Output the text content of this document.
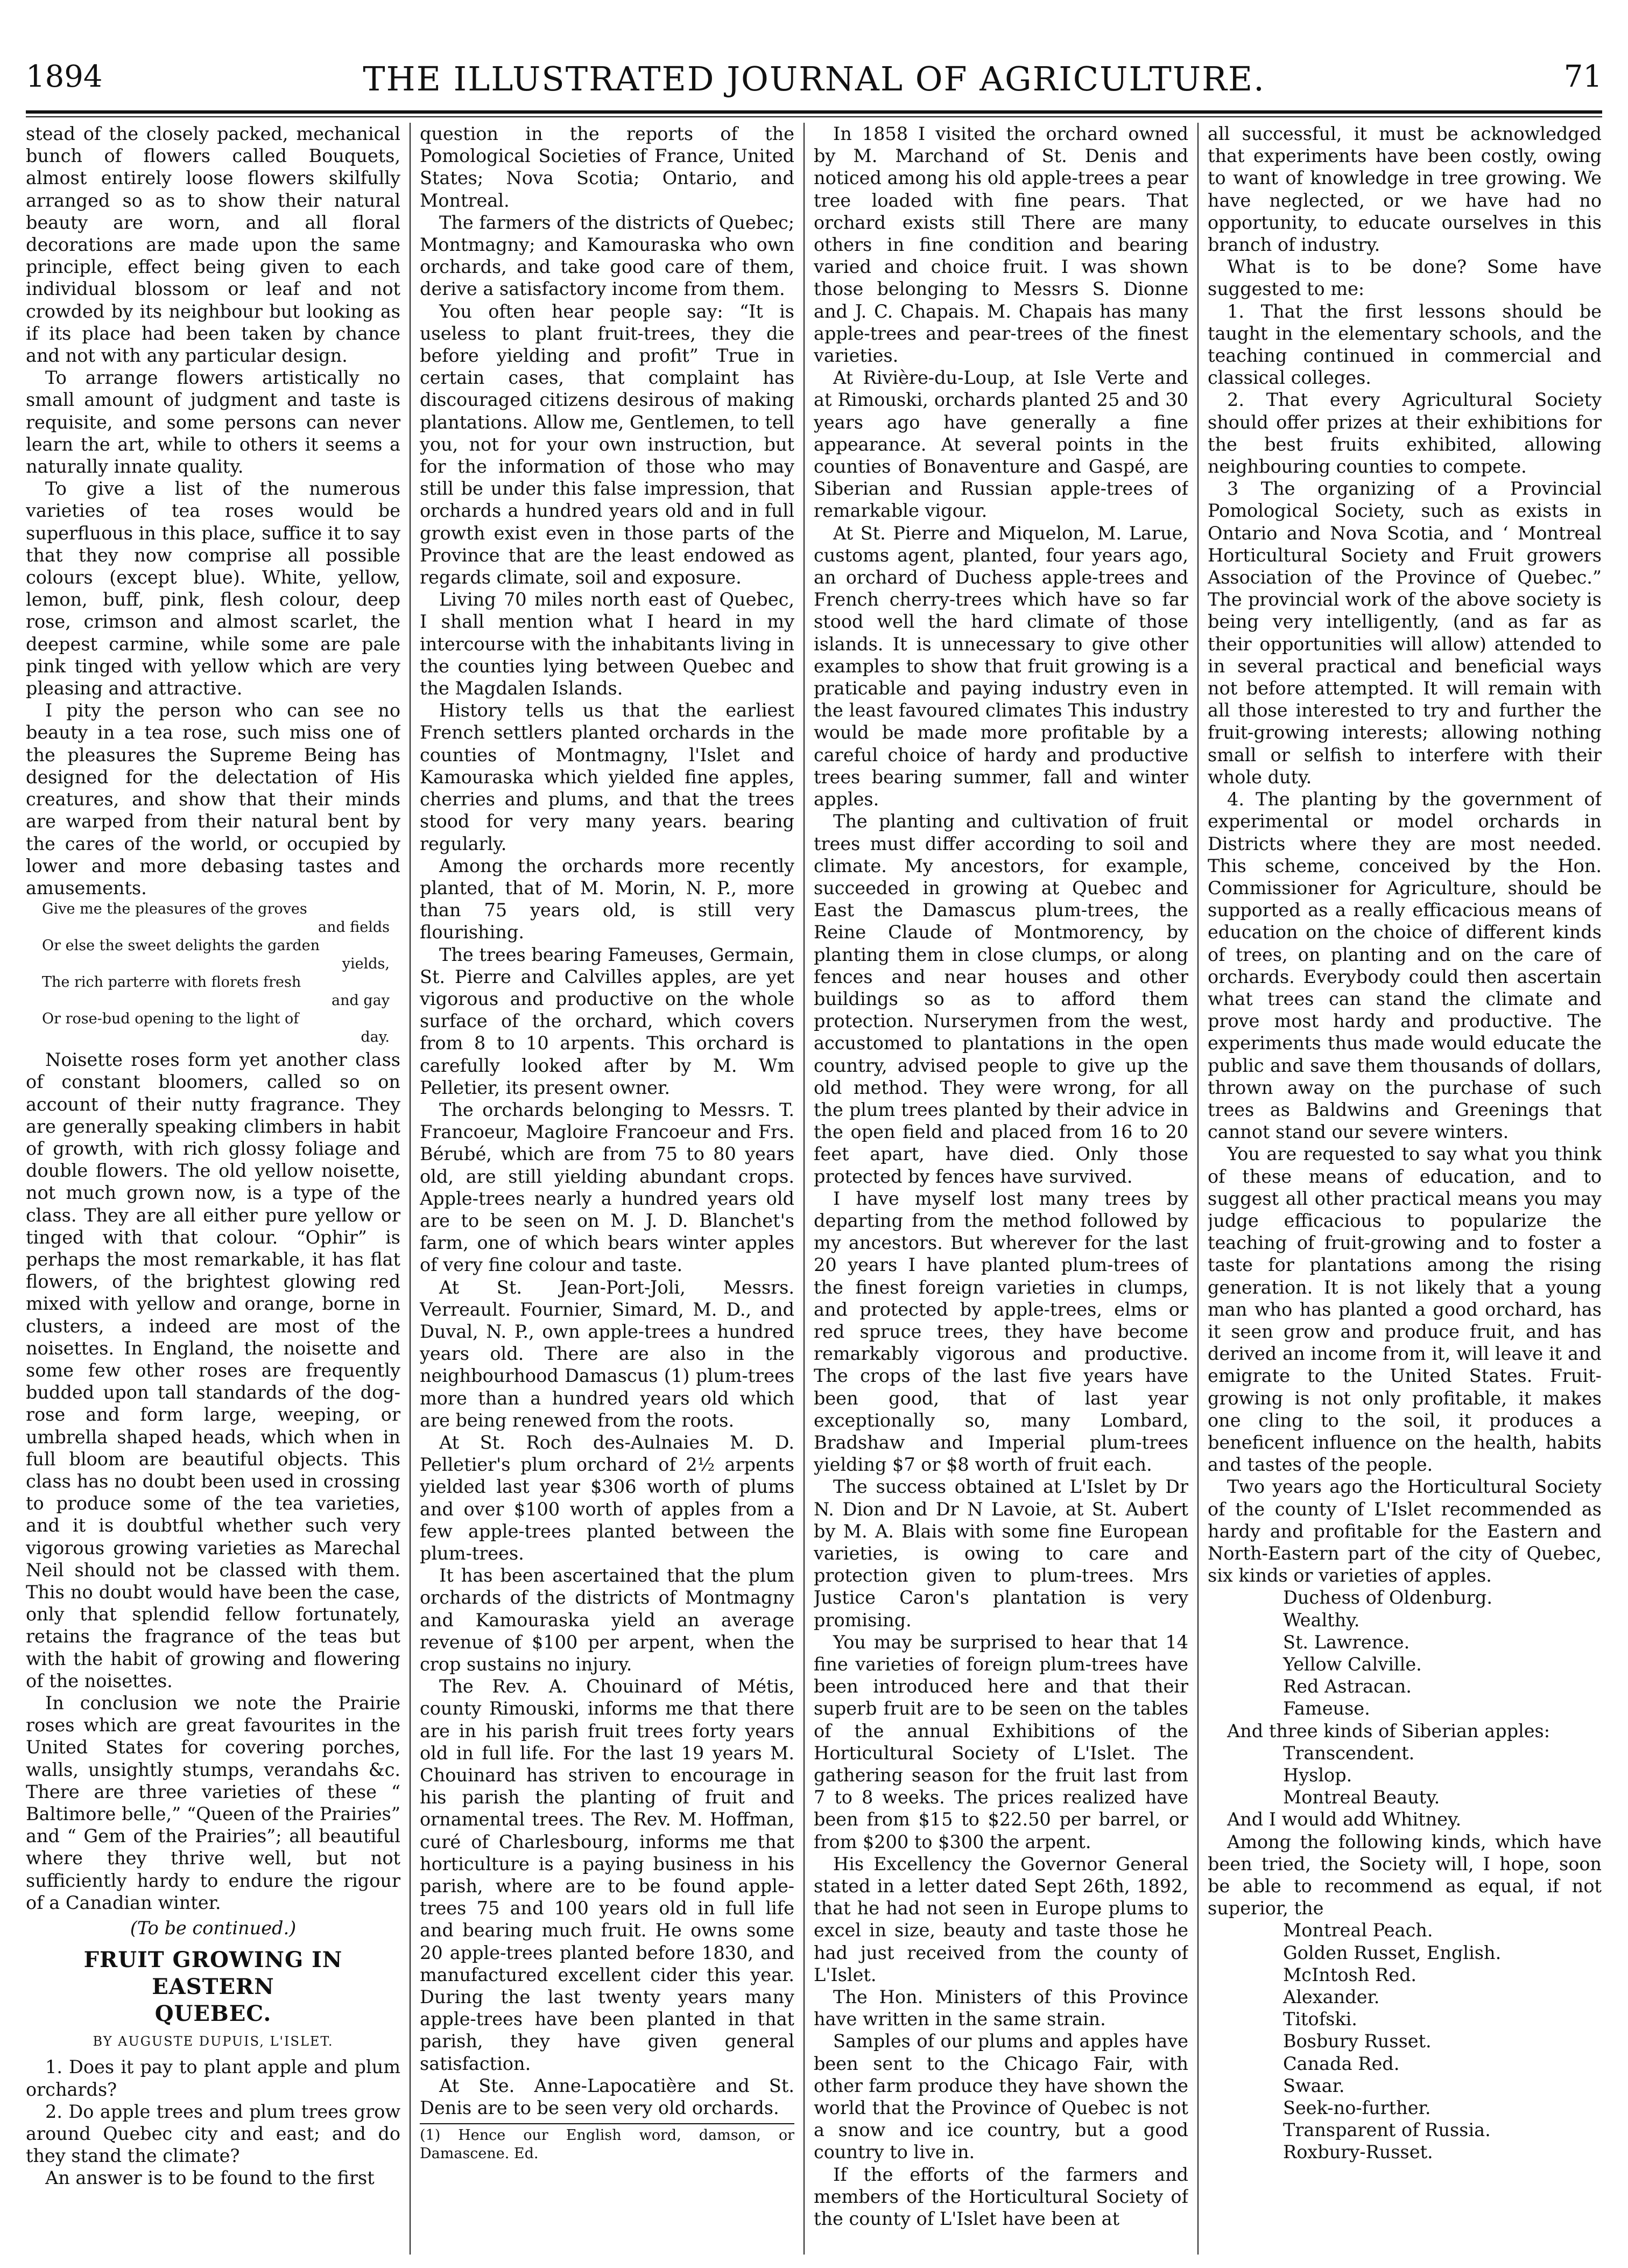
1894	THE ILLUSTRATED JOURNAL OF AGRICULTURE.	71

stead of the closely packed, mechanical bunch of flowers called Bouquets, almost entirely loose flowers skilfully arranged so as to show their natural beauty are worn, and all floral decorations are made upon the same principle, effect being given to each individual blossom or leaf and not crowded by its neighbour but looking as if its place had been taken by chance and not with any particular design.

To arrange flowers artistically no small amount of judgment and taste is requisite, and some persons can never learn the art, while to others it seems a naturally innate quality.

To give a list of the numerous varieties of tea roses would be superfluous in this place, suffice it to say that they now comprise all possible colours (except blue). White, yellow, lemon, buff, pink, flesh colour, deep rose, crimson and almost scarlet, the deepest carmine, while some are pale pink tinged with yellow which are very pleasing and attractive.

I pity the person who can see no beauty in a tea rose, such miss one of the pleasures the Supreme Being has designed for the delectation of His creatures, and show that their minds are warped from their natural bent by the cares of the world, or occupied by lower and more debasing tastes and amusements.

Give me the pleasures of the groves
and fields
Or else the sweet delights the garden
yields,
The rich parterre with florets fresh
and gay
Or rose-bud opening to the light of
day.

Noisette roses form yet another class of constant bloomers, called so on account of their nutty fragrance. They are generally speaking climbers in habit of growth, with rich glossy foliage and double flowers. The old yellow noisette, not much grown now, is a type of the class. They are all either pure yellow or tinged with that colour. “Ophir” is perhaps the most remarkable, it has flat flowers, of the brightest glowing red mixed with yellow and orange, borne in clusters, a indeed are most of the noisettes. In England, the noisette and some few other roses are frequently budded upon tall standards of the dog-rose and form large, weeping, or umbrella shaped heads, which when in full bloom are beautiful objects. This class has no doubt been used in crossing to produce some of the tea varieties, and it is doubtful whether such very vigorous growing varieties as Marechal Neil should not be classed with them. This no doubt would have been the case, only that splendid fellow fortunately, retains the fragrance of the teas but with the habit of growing and flowering of the noisettes.

In conclusion we note the Prairie roses which are great favourites in the United States for covering porches, walls, unsightly stumps, verandahs &c. There are three varieties of these “ Baltimore belle,” “Queen of the Prairies” and “ Gem of the Prairies”; all beautiful where they thrive well, but not sufficiently hardy to endure the rigour of a Canadian winter.

(To be continued.)
FRUIT GROWING IN EASTERN
QUEBEC.
BY AUGUSTE DUPUIS, L'ISLET.

1. Does it pay to plant apple and plum orchards?

2. Do apple trees and plum trees grow around Quebec city and east; and do they stand the climate?

An answer is to be found to the first

question in the reports of the Pomological Societies of France, United States; Nova Scotia; Ontario, and Montreal.

The farmers of the districts of Quebec; Montmagny; and Kamouraska who own orchards, and take good care of them, derive a satisfactory income from them.

You often hear people say: “It is useless to plant fruit-trees, they die before yielding and profit” True in certain cases, that complaint has discouraged citizens desirous of making plantations. Allow me, Gentlemen, to tell you, not for your own instruction, but for the information of those who may still be under this false impression, that orchards a hundred years old and in full growth exist even in those parts of the Province that are the least endowed as regards climate, soil and exposure.

Living 70 miles north east of Quebec, I shall mention what I heard in my intercourse with the inhabitants living in the counties lying between Quebec and the Magdalen Islands.

History tells us that the earliest French settlers planted orchards in the counties of Montmagny, l'Islet and Kamouraska which yielded fine apples, cherries and plums, and that the trees stood for very many years. bearing regularly.

Among the orchards more recently planted, that of M. Morin, N. P., more than 75 years old, is still very flourishing.

The trees bearing Fameuses, Germain, St. Pierre and Calvilles apples, are yet vigorous and productive on the whole surface of the orchard, which covers from 8 to 10 arpents. This orchard is carefully looked after by M. Wm Pelletier, its present owner.

The orchards belonging to Messrs. T. Francoeur, Magloire Francoeur and Frs. Bérubé, which are from 75 to 80 years old, are still yielding abundant crops. Apple-trees nearly a hundred years old are to be seen on M. J. D. Blanchet's farm, one of which bears winter apples of very fine colour and taste.

At St. Jean-Port-Joli, Messrs. Verreault. Fournier, Simard, M. D., and Duval, N. P., own apple-trees a hundred years old. There are also in the neighbourhood Damascus (1) plum-trees more than a hundred years old which are being renewed from the roots.

At St. Roch des-Aulnaies M. D. Pelletier's plum orchard of 2½ arpents yielded last year $306 worth of plums and over $100 worth of apples from a few apple-trees planted between the plum-trees.

It has been ascertained that the plum orchards of the districts of Montmagny and Kamouraska yield an average revenue of $100 per arpent, when the crop sustains no injury.

The Rev. A. Chouinard of Métis, county Rimouski, informs me that there are in his parish fruit trees forty years old in full life. For the last 19 years M. Chouinard has striven to encourage in his parish the planting of fruit and ornamental trees. The Rev. M. Hoffman, curé of Charlesbourg, informs me that horticulture is a paying business in his parish, where are to be found apple-trees 75 and 100 years old in full life and bearing much fruit. He owns some 20 apple-trees planted before 1830, and manufactured excellent cider this year. During the last twenty years many apple-trees have been planted in that parish, they have given general satisfaction.

At Ste. Anne-Lapocatière and St. Denis are to be seen very old orchards.

(1) Hence our English word, damson, or Damascene. Ed.

In 1858 I visited the orchard owned by M. Marchand of St. Denis and noticed among his old apple-trees a pear tree loaded with fine pears. That orchard exists still There are many others in fine condition and bearing varied and choice fruit. I was shown those belonging to Messrs S. Dionne and J. C. Chapais. M. Chapais has many apple-trees and pear-trees of the finest varieties.

At Rivière-du-Loup, at Isle Verte and at Rimouski, orchards planted 25 and 30 years ago have generally a fine appearance. At several points in the counties of Bonaventure and Gaspé, are Siberian and Russian apple-trees of remarkable vigour.

At St. Pierre and Miquelon, M. Larue, customs agent, planted, four years ago, an orchard of Duchess apple-trees and French cherry-trees which have so far stood well the hard climate of those islands. It is unnecessary to give other examples to show that fruit growing is a praticable and paying industry even in the least favoured climates This industry would be made more profitable by a careful choice of hardy and productive trees bearing summer, fall and winter apples.

The planting and cultivation of fruit trees must differ according to soil and climate. My ancestors, for example, succeeded in growing at Quebec and East the Damascus plum-trees, the Reine Claude of Montmorency, by planting them in close clumps, or along fences and near houses and other buildings so as to afford them protection. Nurserymen from the west, accustomed to plantations in the open country, advised people to give up the old method. They were wrong, for all the plum trees planted by their advice in the open field and placed from 16 to 20 feet apart, have died. Only those protected by fences have survived.

I have myself lost many trees by departing from the method followed by my ancestors. But wherever for the last 20 years I have planted plum-trees of the finest foreign varieties in clumps, and protected by apple-trees, elms or red spruce trees, they have become remarkably vigorous and productive. The crops of the last five years have been good, that of last year exceptionally so, many Lombard, Bradshaw and Imperial plum-trees yielding $7 or $8 worth of fruit each.

The success obtained at L'Islet by Dr N. Dion and Dr N Lavoie, at St. Aubert by M. A. Blais with some fine European varieties, is owing to care and protection given to plum-trees. Mrs Justice Caron's plantation is very promising.

You may be surprised to hear that 14 fine varieties of foreign plum-trees have been introduced here and that their superb fruit are to be seen on the tables of the annual Exhibitions of the Horticultural Society of L'Islet. The gathering season for the fruit last from 7 to 8 weeks. The prices realized have been from $15 to $22.50 per barrel, or from $200 to $300 the arpent.

His Excellency the Governor General stated in a letter dated Sept 26th, 1892, that he had not seen in Europe plums to excel in size, beauty and taste those he had just received from the county of L'Islet.

The Hon. Ministers of this Province have written in the same strain.

Samples of our plums and apples have been sent to the Chicago Fair, with other farm produce they have shown the world that the Province of Quebec is not a snow and ice country, but a good country to live in.

If the efforts of the farmers and members of the Horticultural Society of the county of L'Islet have been at

all successful, it must be acknowledged that experiments have been costly, owing to want of knowledge in tree growing. We have neglected, or we have had no opportunity, to educate ourselves in this branch of industry.

What is to be done? Some have suggested to me:

1. That the first lessons should be taught in the elementary schools, and the teaching continued in commercial and classical colleges.

2. That every Agricultural Society should offer prizes at their exhibitions for the best fruits exhibited, allowing neighbouring counties to compete.

3 The organizing of a Provincial Pomological Society, such as exists in Ontario and Nova Scotia, and ‘ Montreal Horticultural Society and Fruit growers Association of the Province of Quebec.” The provincial work of the above society is being very intelligently, (and as far as their opportunities will allow) attended to in several practical and beneficial ways not before attempted. It will remain with all those interested to try and further the fruit-growing interests; allowing nothing small or selfish to interfere with their whole duty.

4. The planting by the government of experimental or model orchards in Districts where they are most needed. This scheme, conceived by the Hon. Commissioner for Agriculture, should be supported as a really efficacious means of education on the choice of different kinds of trees, on planting and on the care of orchards. Everybody could then ascertain what trees can stand the climate and prove most hardy and productive. The experiments thus made would educate the public and save them thousands of dollars, thrown away on the purchase of such trees as Baldwins and Greenings that cannot stand our severe winters.

You are requested to say what you think of these means of education, and to suggest all other practical means you may judge efficacious to popularize the teaching of fruit-growing and to foster a taste for plantations among the rising generation. It is not likely that a young man who has planted a good orchard, has it seen grow and produce fruit, and has derived an income from it, will leave it and emigrate to the United States. Fruit-growing is not only profitable, it makes one cling to the soil, it produces a beneficent influence on the health, habits and tastes of the people.

Two years ago the Horticultural Society of the county of L'Islet recommended as hardy and profitable for the Eastern and North-Eastern part of the city of Quebec, six kinds or varieties of apples.

Duchess of Oldenburg.
Wealthy.
St. Lawrence.
Yellow Calville.
Red Astracan.
Fameuse.

And three kinds of Siberian apples:

Transcendent.
Hyslop.
Montreal Beauty.

And I would add Whitney.

Among the following kinds, which have been tried, the Society will, I hope, soon be able to recommend as equal, if not superior, the

Montreal Peach.
Golden Russet, English.
McIntosh Red.
Alexander.
Titofski.
Bosbury Russet.
Canada Red.
Swaar.
Seek-no-further.
Transparent of Russia.
Roxbury-Russet.
